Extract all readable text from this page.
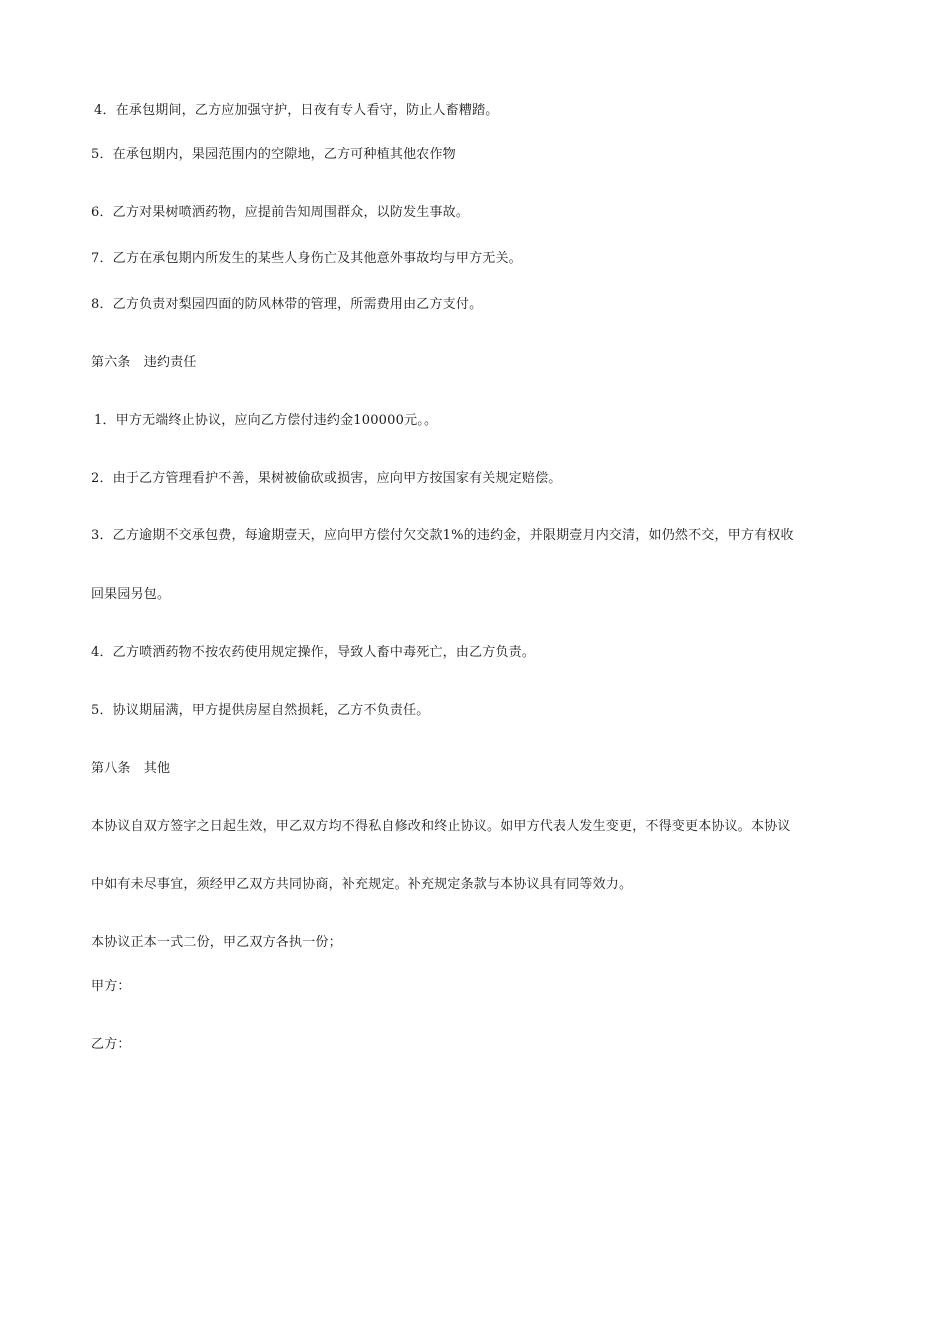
4．在承包期间，乙方应加强守护，日夜有专人看守，防止人畜糟踏。
5．在承包期内，果园范围内的空隙地，乙方可种植其他农作物
6．乙方对果树喷洒药物，应提前告知周围群众，以防发生事故。
7．乙方在承包期内所发生的某些人身伤亡及其他意外事故均与甲方无关。
8．乙方负责对梨园四面的防风林带的管理，所需费用由乙方支付。
第六条　违约责任
1．甲方无端终止协议，应向乙方偿付违约金100000元。。
2．由于乙方管理看护不善，果树被偷砍或损害，应向甲方按国家有关规定赔偿。
3．乙方逾期不交承包费，每逾期壹天，应向甲方偿付欠交款1%的违约金，并限期壹月内交清，如仍然不交，甲方有权收
回果园另包。
4．乙方喷洒药物不按农药使用规定操作，导致人畜中毒死亡，由乙方负责。
5．协议期届满，甲方提供房屋自然损耗，乙方不负责任。
第八条　其他
本协议自双方签字之日起生效，甲乙双方均不得私自修改和终止协议。如甲方代表人发生变更，不得变更本协议。本协议
中如有未尽事宜，须经甲乙双方共同协商，补充规定。补充规定条款与本协议具有同等效力。
本协议正本一式二份，甲乙双方各执一份；
甲方：
乙方：
